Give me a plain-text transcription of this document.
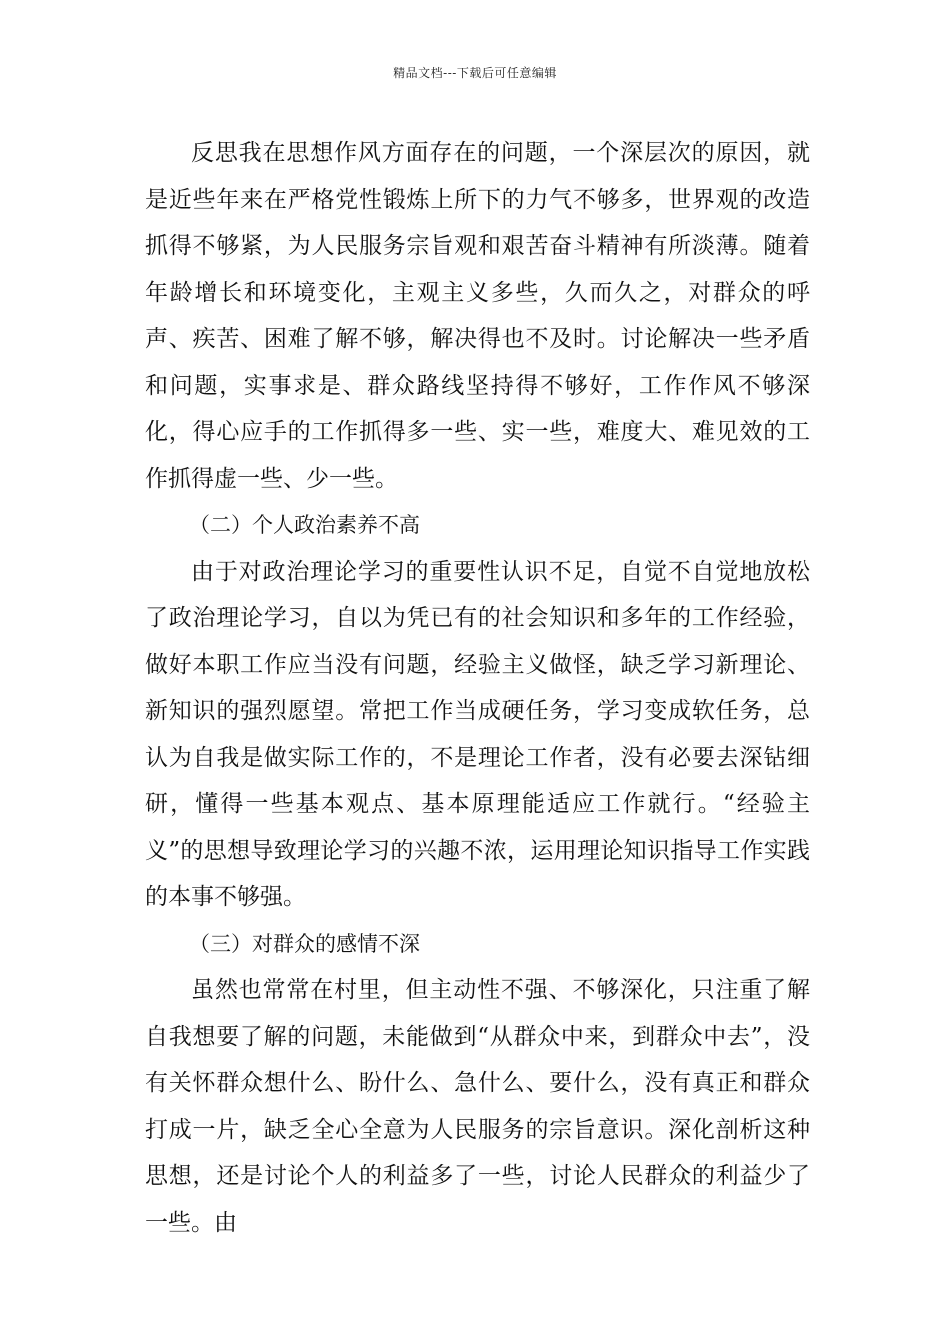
精品文档---下载后可任意编辑

反思我在思想作风方面存在的问题，一个深层次的原因，就是近些年来在严格党性锻炼上所下的力气不够多，世界观的改造抓得不够紧，为人民服务宗旨观和艰苦奋斗精神有所淡薄。随着年龄增长和环境变化，主观主义多些，久而久之，对群众的呼声、疾苦、困难了解不够，解决得也不及时。讨论解决一些矛盾和问题，实事求是、群众路线坚持得不够好，工作作风不够深化，得心应手的工作抓得多一些、实一些，难度大、难见效的工作抓得虚一些、少一些。

（二）个人政治素养不高

由于对政治理论学习的重要性认识不足，自觉不自觉地放松了政治理论学习，自以为凭已有的社会知识和多年的工作经验，做好本职工作应当没有问题，经验主义做怪，缺乏学习新理论、新知识的强烈愿望。常把工作当成硬任务，学习变成软任务，总认为自我是做实际工作的，不是理论工作者，没有必要去深钻细研，懂得一些基本观点、基本原理能适应工作就行。“经验主义”的思想导致理论学习的兴趣不浓，运用理论知识指导工作实践的本事不够强。

（三）对群众的感情不深

虽然也常常在村里，但主动性不强、不够深化，只注重了解自我想要了解的问题，未能做到“从群众中来，到群众中去”，没有关怀群众想什么、盼什么、急什么、要什么，没有真正和群众打成一片，缺乏全心全意为人民服务的宗旨意识。深化剖析这种思想，还是讨论个人的利益多了一些，讨论人民群众的利益少了一些。由
